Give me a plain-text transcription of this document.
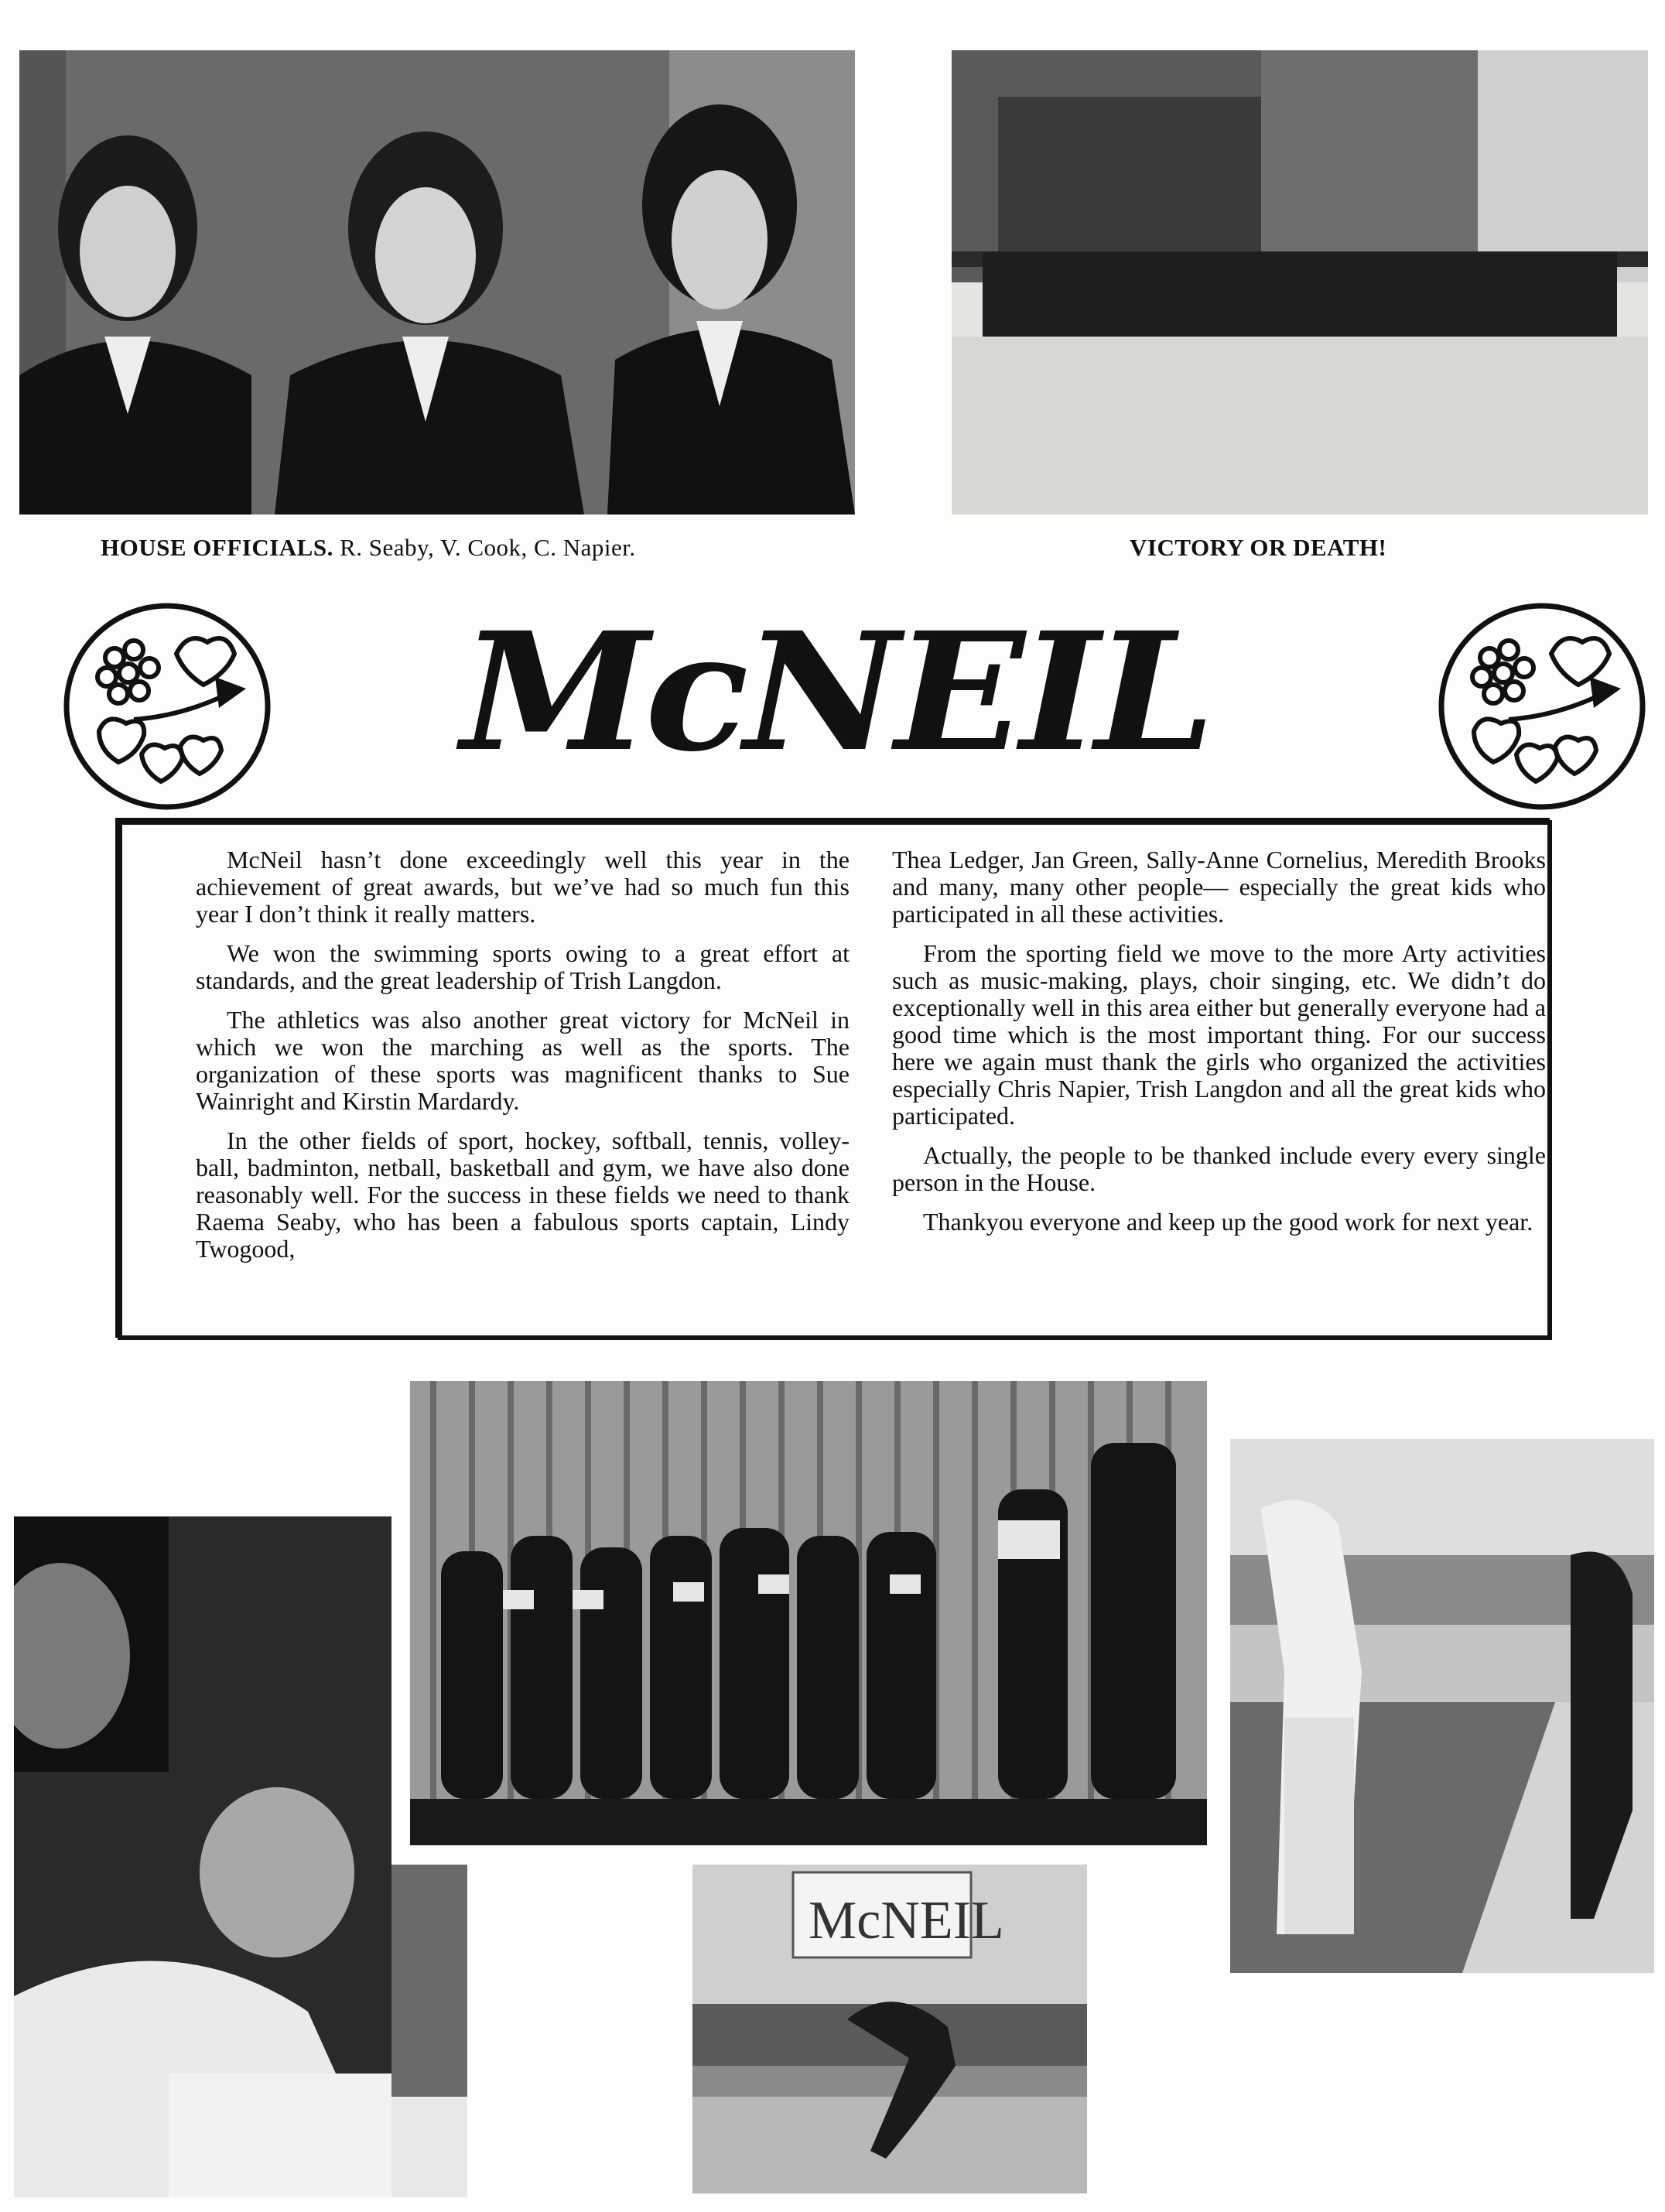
HOUSE OFFICIALS. R. Seaby, V. Cook, C. Napier.	VICTORY OR DEATH!
McNEIL

McNeil hasn’t done exceedingly well this year in the achievement of great awards, but we’ve had so much fun this year I don’t think it really matters.

We won the swimming sports owing to a great effort at standards, and the great leadership of Trish Langdon.

The athletics was also another great victory for McNeil in which we won the marching as well as the sports. The organization of these sports was magnificent thanks to Sue Wainright and Kirstin Mardardy.

In the other fields of sport, hockey, softball, tennis, volley-ball, badminton, netball, basketball and gym, we have also done reasonably well. For the success in these fields we need to thank Raema Seaby, who has been a fabulous sports captain, Lindy Twogood,

Thea Ledger, Jan Green, Sally-Anne Cornelius, Meredith Brooks and many, many other people— especially the great kids who participated in all these activities.

From the sporting field we move to the more Arty activities such as music-making, plays, choir singing, etc. We didn’t do exceptionally well in this area either but generally everyone had a good time which is the most important thing. For our success here we again must thank the girls who organized the activities especially Chris Napier, Trish Langdon and all the great kids who participated.

Actually, the people to be thanked include every every single person in the House.

Thankyou everyone and keep up the good work for next year.

McNEIL
